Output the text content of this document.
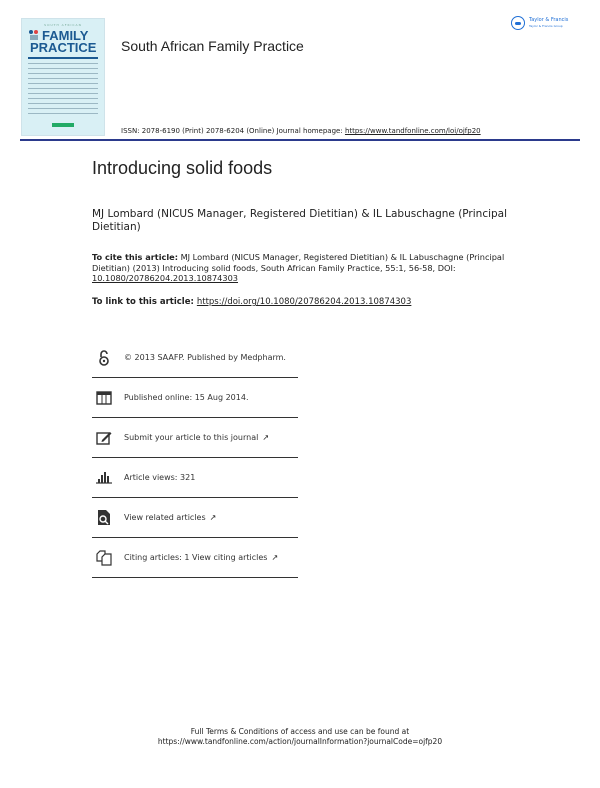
SOUTH AFRICAN
FAMILY
PRACTICE South African Family Practice
Taylor & Francis
Taylor & Francis Group
ISSN: 2078-6190 (Print) 2078-6204 (Online) Journal homepage: https://www.tandfonline.com/loi/ojfp20
Introducing solid foods
MJ Lombard (NICUS Manager, Registered Dietitian) & IL Labuschagne (Principal Dietitian)
To cite this article: MJ Lombard (NICUS Manager, Registered Dietitian) & IL Labuschagne (Principal Dietitian) (2013) Introducing solid foods, South African Family Practice, 55:1, 56-58, DOI: 10.1080/20786204.2013.10874303
To link to this article: https://doi.org/10.1080/20786204.2013.10874303
© 2013 SAAFP. Published by Medpharm.
Published online: 15 Aug 2014.
Submit your article to this journal ↗
Article views: 321
View related articles ↗
Citing articles: 1 View citing articles ↗
Full Terms & Conditions of access and use can be found at
https://www.tandfonline.com/action/journalInformation?journalCode=ojfp20
